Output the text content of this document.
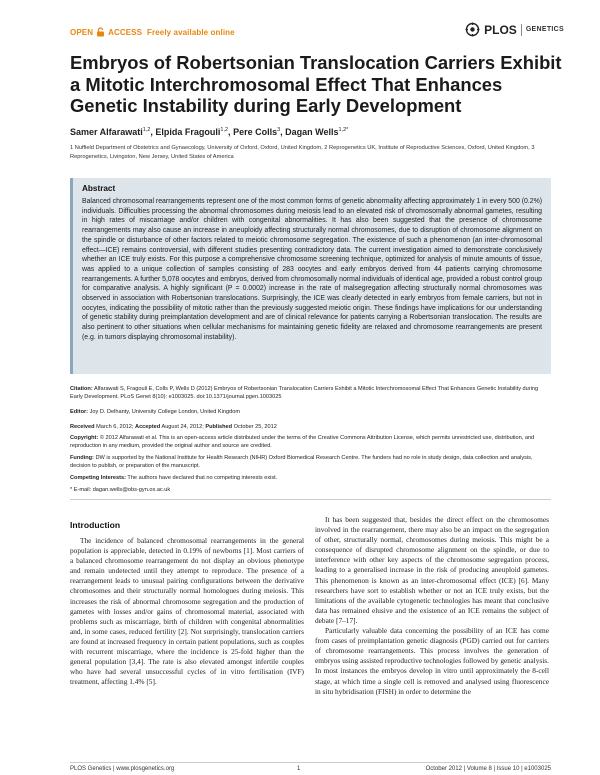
OPEN ACCESS Freely available online	PLOS GENETICS
Embryos of Robertsonian Translocation Carriers Exhibit a Mitotic Interchromosomal Effect That Enhances Genetic Instability during Early Development
Samer Alfarawati$^{1,2}$, Elpida Fragouli$^{1,2}$, Pere Colls$^3$, Dagan Wells$^{1,2*}$
1 Nuffield Department of Obstetrics and Gynaecology, University of Oxford, Oxford, United Kingdom, 2 Reprogenetics UK, Institute of Reproductive Sciences, Oxford, United Kingdom, 3 Reprogenetics, Livingston, New Jersey, United States of America
Abstract
Balanced chromosomal rearrangements represent one of the most common forms of genetic abnormality affecting approximately 1 in every 500 (0.2%) individuals. Difficulties processing the abnormal chromosomes during meiosis lead to an elevated risk of chromosomally abnormal gametes, resulting in high rates of miscarriage and/or children with congenital abnormalities. It has also been suggested that the presence of chromosome rearrangements may also cause an increase in aneuploidy affecting structurally normal chromosomes, due to disruption of chromosome alignment on the spindle or disturbance of other factors related to meiotic chromosome segregation. The existence of such a phenomenon (an inter-chromosomal effect—ICE) remains controversial, with different studies presenting contradictory data. The current investigation aimed to demonstrate conclusively whether an ICE truly exists. For this purpose a comprehensive chromosome screening technique, optimized for analysis of minute amounts of tissue, was applied to a unique collection of samples consisting of 283 oocytes and early embryos derived from 44 patients carrying chromosome rearrangements. A further 5,078 oocytes and embryos, derived from chromosomally normal individuals of identical age, provided a robust control group for comparative analysis. A highly significant (P = 0.0002) increase in the rate of malsegregation affecting structurally normal chromosomes was observed in association with Robertsonian translocations. Surprisingly, the ICE was clearly detected in early embryos from female carriers, but not in oocytes, indicating the possibility of mitotic rather than the previously suggested meiotic origin. These findings have implications for our understanding of genetic stability during preimplantation development and are of clinical relevance for patients carrying a Robertsonian translocation. The results are also pertinent to other situations when cellular mechanisms for maintaining genetic fidelity are relaxed and chromosome rearrangements are present (e.g. in tumors displaying chromosomal instability).
Citation: Alfarawati S, Fragouli E, Colls P, Wells D (2012) Embryos of Robertsonian Translocation Carriers Exhibit a Mitotic Interchromosomal Effect That Enhances Genetic Instability during Early Development. PLoS Genet 8(10): e1003025. doi:10.1371/journal.pgen.1003025
Editor: Joy D. Delhanty, University College London, United Kingdom
Received March 6, 2012; Accepted August 24, 2012; Published October 25, 2012
Copyright: © 2012 Alfarawati et al. This is an open-access article distributed under the terms of the Creative Commons Attribution License, which permits unrestricted use, distribution, and reproduction in any medium, provided the original author and source are credited.
Funding: DW is supported by the National Institute for Health Research (NIHR) Oxford Biomedical Research Centre. The funders had no role in study design, data collection and analysis, decision to publish, or preparation of the manuscript.
Competing Interests: The authors have declared that no competing interests exist.
* E-mail: dagan.wells@obs-gyn.ox.ac.uk
Introduction

The incidence of balanced chromosomal rearrangements in the general population is appreciable, detected in 0.19% of newborns [1]. Most carriers of a balanced chromosome rearrangement do not display an obvious phenotype and remain undetected until they attempt to reproduce. The presence of a rearrangement leads to unusual pairing configurations between the derivative chromosomes and their structurally normal homologues during meiosis. This increases the risk of abnormal chromosome segregation and the production of gametes with losses and/or gains of chromosomal material, associated with problems such as miscarriage, birth of children with congenital abnormalities and, in some cases, reduced fertility [2]. Not surprisingly, translocation carriers are found at increased frequency in certain patient populations, such as couples with recurrent miscarriage, where the incidence is 25-fold higher than the general population [3,4]. The rate is also elevated amongst infertile couples who have had several unsuccessful cycles of in vitro fertilisation (IVF) treatment, affecting 1.4% [5].

It has been suggested that, besides the direct effect on the chromosomes involved in the rearrangement, there may also be an impact on the segregation of other, structurally normal, chromosomes during meiosis. This might be a consequence of disrupted chromosome alignment on the spindle, or due to interference with other key aspects of the chromosome segregation process, leading to a generalised increase in the risk of producing aneuploid gametes. This phenomenon is known as an inter-chromosomal effect (ICE) [6]. Many researchers have sort to establish whether or not an ICE truly exists, but the limitations of the available cytogenetic technologies has meant that conclusive data has remained elusive and the existence of an ICE remains the subject of debate [7–17].

Particularly valuable data concerning the possibility of an ICE has come from cases of preimplantation genetic diagnosis (PGD) carried out for carriers of chromosome rearrangements. This process involves the generation of embryos using assisted reproductive technologies followed by genetic analysis. In most instances the embryos develop in vitro until approximately the 8-cell stage, at which time a single cell is removed and analysed using fluorescence in situ hybridisation (FISH) in order to determine the

PLOS Genetics | www.plosgenetics.org	1	October 2012 | Volume 8 | Issue 10 | e1003025
